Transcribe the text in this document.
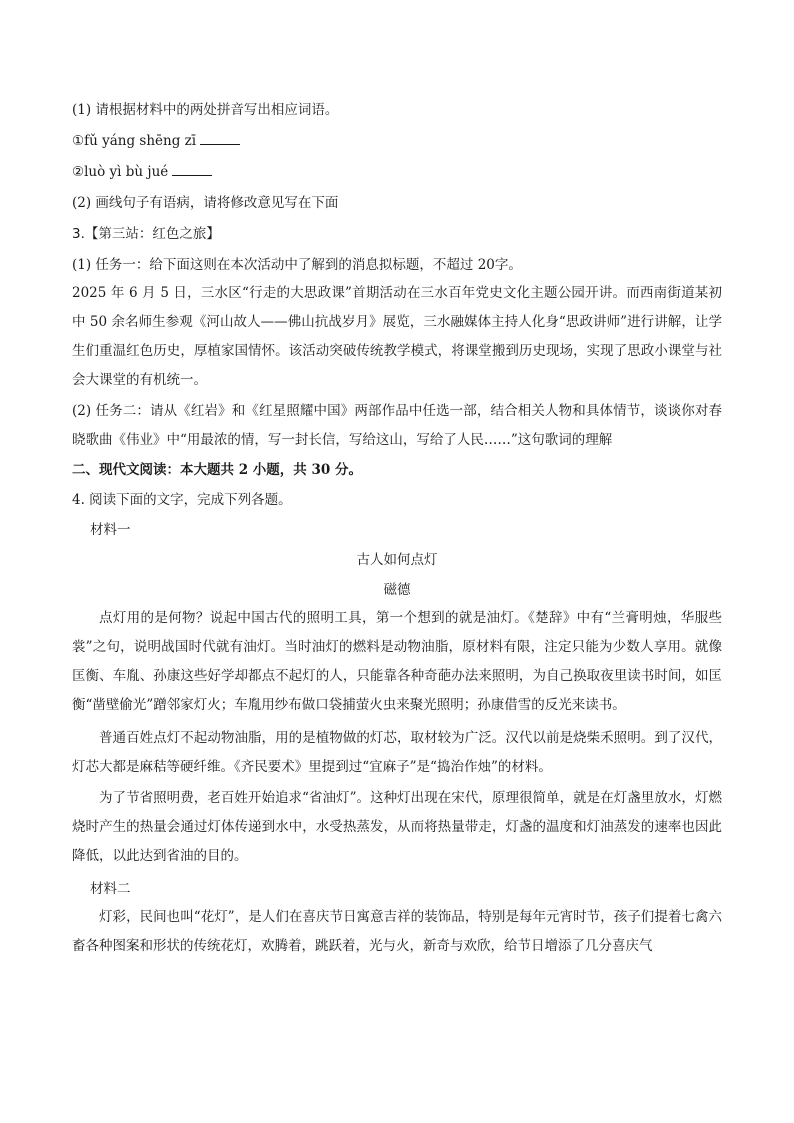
(1) 请根据材料中的两处拼音写出相应词语。
①fǔ yáng shēng zī
②luò yì bù jué
(2) 画线句子有语病，请将修改意见写在下面
3.【第三站：红色之旅】
(1) 任务一：给下面这则在本次活动中了解到的消息拟标题，不超过 20字。
2025 年 6 月 5 日，三水区“行走的大思政课”首期活动在三水百年党史文化主题公园开讲。而西南街道某初中 50 余名师生参观《河山故人——佛山抗战岁月》展览，三水融媒体主持人化身“思政讲师”进行讲解，让学生们重温红色历史，厚植家国情怀。该活动突破传统教学模式，将课堂搬到历史现场，实现了思政小课堂与社会大课堂的有机统一。
(2) 任务二：请从《红岩》和《红星照耀中国》两部作品中任选一部，结合相关人物和具体情节，谈谈你对春晓歌曲《伟业》中“用最浓的情，写一封长信，写给这山，写给了人民……”这句歌词的理解
二、现代文阅读：本大题共 2 小题，共 30 分。
4. 阅读下面的文字，完成下列各题。
材料一
古人如何点灯
磁德
点灯用的是何物？说起中国古代的照明工具，第一个想到的就是油灯。《楚辞》中有“兰膏明烛，华服些裳”之句，说明战国时代就有油灯。当时油灯的燃料是动物油脂，原材料有限，注定只能为少数人享用。就像匡衡、车胤、孙康这些好学却都点不起灯的人，只能靠各种奇葩办法来照明，为自己换取夜里读书时间，如匡衡“凿壁偷光”蹭邻家灯火；车胤用纱布做口袋捕萤火虫来聚光照明；孙康借雪的反光来读书。
普通百姓点灯不起动物油脂，用的是植物做的灯芯，取材较为广泛。汉代以前是烧柴禾照明。到了汉代，灯芯大都是麻秸等硬纤维。《齐民要术》里提到过“宜麻子”是“捣治作烛”的材料。
为了节省照明费，老百姓开始追求“省油灯”。这种灯出现在宋代，原理很简单，就是在灯盏里放水，灯燃烧时产生的热量会通过灯体传递到水中，水受热蒸发，从而将热量带走，灯盏的温度和灯油蒸发的速率也因此降低，以此达到省油的目的。
材料二
灯彩，民间也叫“花灯”，是人们在喜庆节日寓意吉祥的装饰品，特别是每年元宵时节，孩子们提着七禽六畜各种图案和形状的传统花灯，欢腾着，跳跃着，光与火，新奇与欢欣，给节日增添了几分喜庆气
